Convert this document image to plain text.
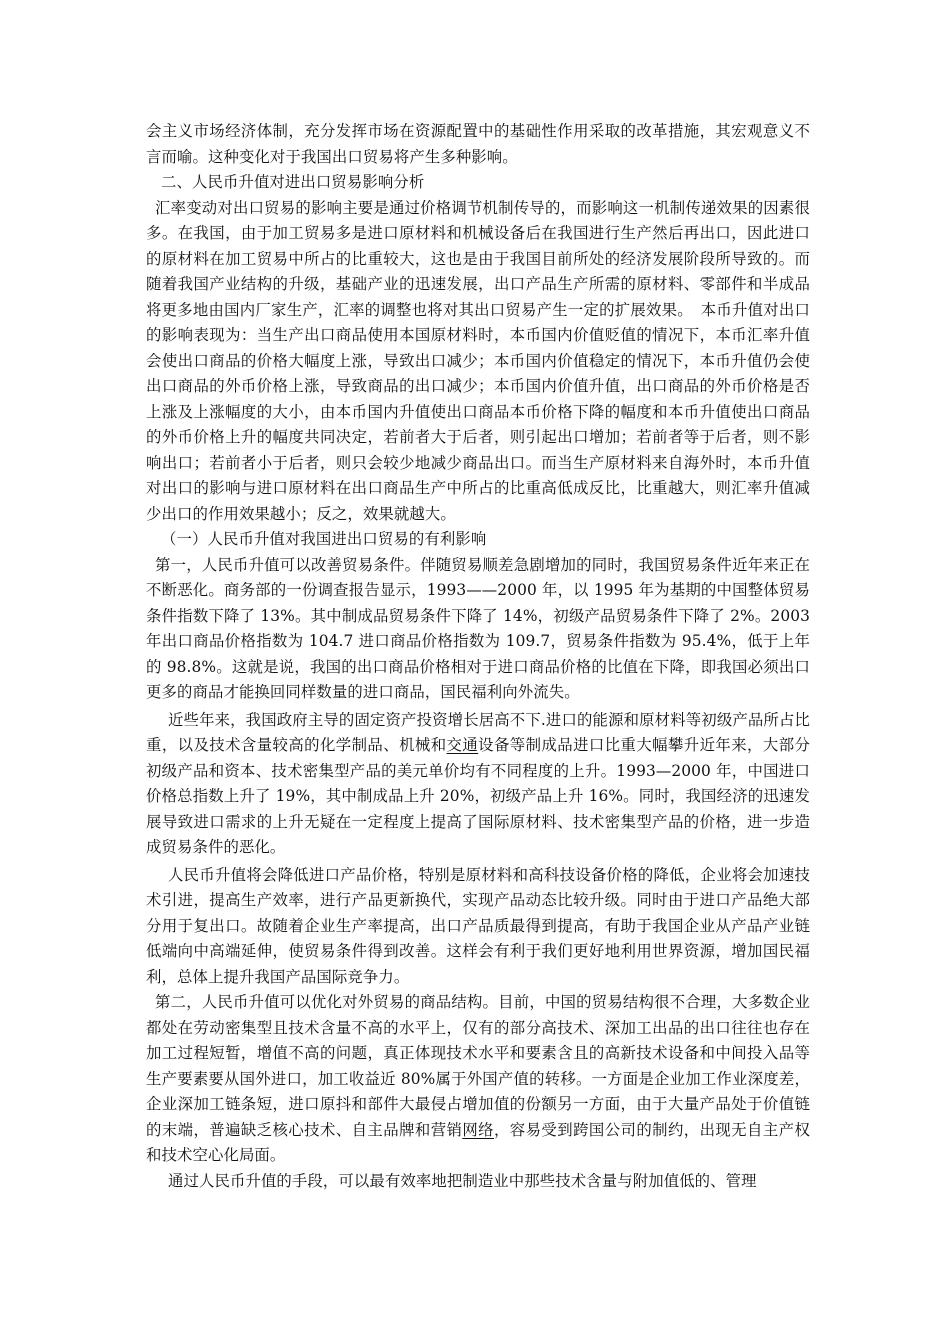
会主义市场经济体制，充分发挥市场在资源配置中的基础性作用采取的改革措施，其宏观意义不言而喻。这种变化对于我国出口贸易将产生多种影响。

二、人民币升值对进出口贸易影响分析

汇率变动对出口贸易的影响主要是通过价格调节机制传导的，而影响这一机制传递效果的因素很多。在我国，由于加工贸易多是进口原材料和机械设备后在我国进行生产然后再出口，因此进口的原材料在加工贸易中所占的比重较大，这也是由于我国目前所处的经济发展阶段所导致的。而随着我国产业结构的升级，基础产业的迅速发展，出口产品生产所需的原材料、零部件和半成品将更多地由国内厂家生产，汇率的调整也将对其出口贸易产生一定的扩展效果。　本币升值对出口的影响表现为：当生产出口商品使用本国原材料时，本币国内价值贬值的情况下，本币汇率升值会使出口商品的价格大幅度上涨，导致出口减少；本币国内价值稳定的情况下，本币升值仍会使出口商品的外币价格上涨，导致商品的出口减少；本币国内价值升值，出口商品的外币价格是否上涨及上涨幅度的大小，由本币国内升值使出口商品本币价格下降的幅度和本币升值使出口商品的外币价格上升的幅度共同决定，若前者大于后者，则引起出口增加；若前者等于后者，则不影响出口；若前者小于后者，则只会较少地减少商品出口。而当生产原材料来自海外时，本币升值对出口的影响与进口原材料在出口商品生产中所占的比重高低成反比，比重越大，则汇率升值减少出口的作用效果越小；反之，效果就越大。

（一）人民币升值对我国进出口贸易的有利影响

第一，人民币升值可以改善贸易条件。伴随贸易顺差急剧增加的同时，我国贸易条件近年来正在不断恶化。商务部的一份调查报告显示，1993——2000 年，以 1995 年为基期的中国整体贸易条件指数下降了 13%。其中制成品贸易条件下降了 14%，初级产品贸易条件下降了 2%。2003 年出口商品价格指数为 104.7 进口商品价格指数为 109.7，贸易条件指数为 95.4%，低于上年的 98.8%。这就是说，我国的出口商品价格相对于进口商品价格的比值在下降，即我国必须出口更多的商品才能换回同样数量的进口商品，国民福利向外流失。

近些年来，我国政府主导的固定资产投资增长居高不下.进口的能源和原材料等初级产品所占比重，以及技术含量较高的化学制品、机械和交通设备等制成品进口比重大幅攀升近年来，大部分初级产品和资本、技术密集型产品的美元单价均有不同程度的上升。1993—2000 年，中国进口价格总指数上升了 19%，其中制成品上升 20%，初级产品上升 16%。同时，我国经济的迅速发展导致进口需求的上升无疑在一定程度上提高了国际原材料、技术密集型产品的价格，进一步造成贸易条件的恶化。

人民币升值将会降低进口产品价格，特别是原材料和高科技设备价格的降低，企业将会加速技术引进，提高生产效率，进行产品更新换代，实现产品动态比较升级。同时由于进口产品绝大部分用于复出口。故随着企业生产率提高，出口产品质最得到提高，有助于我国企业从产品产业链低端向中高端延伸，使贸易条件得到改善。这样会有利于我们更好地利用世界资源，增加国民福利，总体上提升我国产品国际竞争力。

第二，人民币升值可以优化对外贸易的商品结构。目前，中国的贸易结构很不合理，大多数企业都处在劳动密集型且技术含量不高的水平上，仅有的部分高技术、深加工出品的出口往往也存在加工过程短暂，增值不高的问题，真正体现技术水平和要素含且的高新技术设备和中间投入品等生产要素要从国外进口，加工收益近 80%属于外国产值的转移。一方面是企业加工作业深度差，企业深加工链条短，进口原抖和部件大最侵占增加值的份额另一方面，由于大量产品处于价值链的末端，普遍缺乏核心技术、自主品牌和营销网络，容易受到跨国公司的制约，出现无自主产权和技术空心化局面。

通过人民币升值的手段，可以最有效率地把制造业中那些技术含量与附加值低的、管理
